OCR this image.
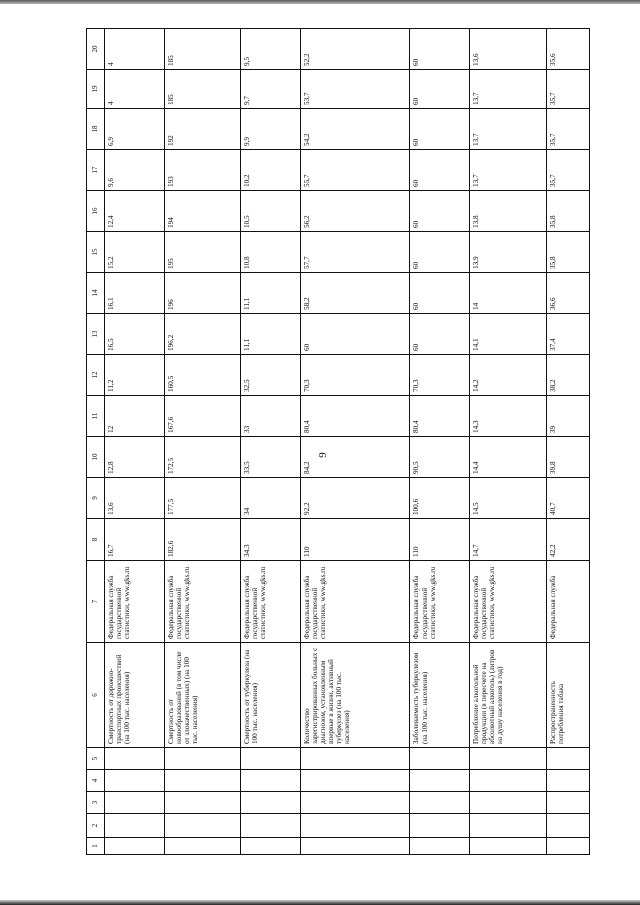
9
1	2	3	4	5	6	7	8	9	10	11	12	13	14	15	16	17	18	19	20
					Смертность от дорожно-транспортных происшествий (на 100 тыс. населения)	Федеральная служба государственной статистики, www.gks.ru	16,7	13,6	12,8	12	11,2	16,5	16,1	15,2	12,4	9,6	6,9	4	4
					Смертность от новообразований (в том числе от злокачественных) (на 100 тыс. населения)	Федеральная служба государственной статистики, www.gks.ru	182,6	177,5	172,5	167,6	160,5	196,2	196	195	194	193	192	185	185
					Смертность от туберкулеза (на 100 тыс. населения)	Федеральная служба государственной статистики, www.gks.ru	34,3	34	33,5	33	32,5	11,1	11,1	10,8	10,5	10,2	9,9	9,7	9,5
					Количество зарегистрированных больных с диагнозом, установленным впервые в жизни, активный туберкулез (на 100 тыс. населения)	Федеральная служба государственной статистики, www.gks.ru	110	92,2	84,2	80,4	70,3	60	58,2	57,7	56,2	55,7	54,2	53,7	52,2
					Заболеваемость туберкулезом (на 100 тыс. населения)	Федеральная служба государственной статистики, www.gks.ru	110	100,6	90,5	80,4	70,3	60	60	60	60	60	60	60	60
					Потребление алкогольной продукции (в пересчете на абсолютный алкоголь) (литров на душу населения в год)	Федеральная служба государственной статистики, www.gks.ru	14,7	14,5	14,4	14,3	14,2	14,1	14	13,9	13,8	13,7	13,7	13,7	13,6
					Распространенность потребления табака	Федеральная служба	42,2	40,7	39,8	39	38,2	37,4	36,6	35,8	35,8	35,7	35,7	35,7	35,6
